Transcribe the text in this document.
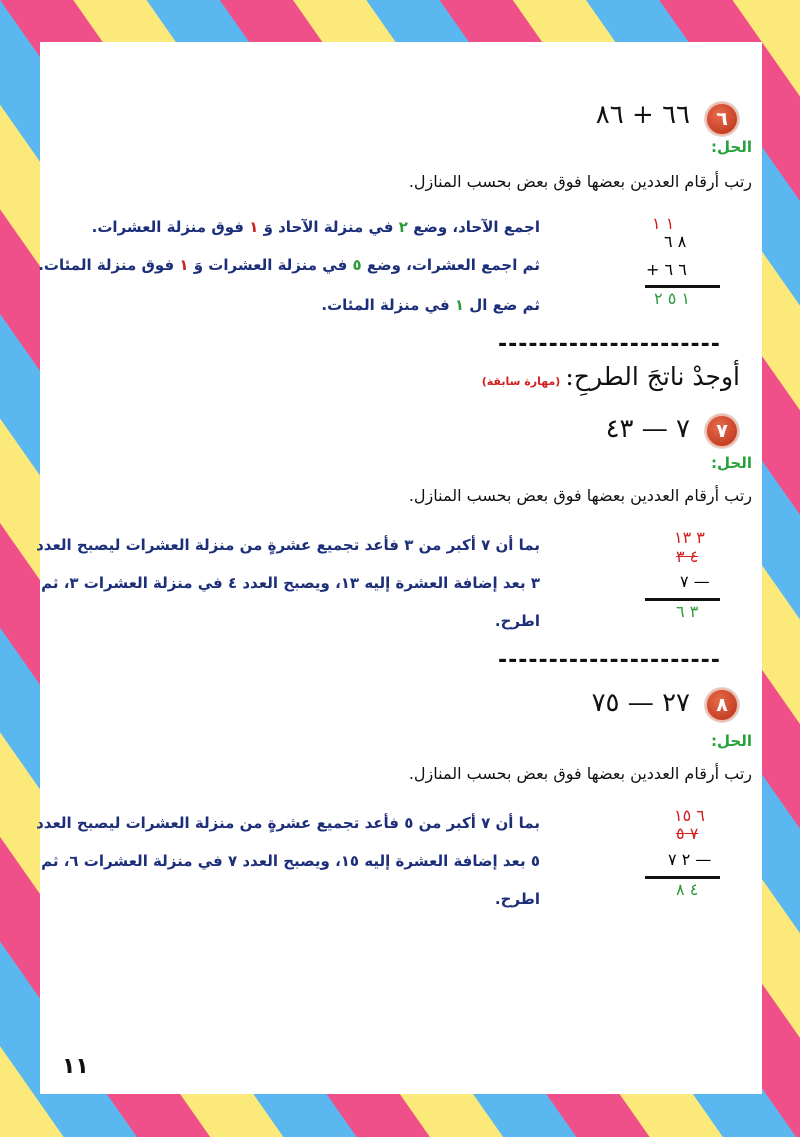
٦
٦٦ + ٨٦
الحل:
رتب أرقام العددين بعضها فوق بعض بحسب المنازل.
اجمع الآحاد، وضع ٢ في منزلة الآحاد وَ ١ فوق منزلة العشرات.
ثم اجمع العشرات، وضع ٥ في منزلة العشرات وَ ١ فوق منزلة المئات.
ثم ضع ال ١ في منزلة المئات.
١ ١
٨ ٦
+ ٦ ٦
١ ٥ ٢
----------------------
أوجدْ ناتجَ الطرحِ: (مهارة سابقة)
٧
٧ — ٤٣
الحل:
رتب أرقام العددين بعضها فوق بعض بحسب المنازل.
بما أن ٧ أكبر من ٣ فأعد تجميع عشرةٍ من منزلة العشرات ليصبح العدد
٣ بعد إضافة العشرة إليه ١٣، ويصبح العدد ٤ في منزلة العشرات ٣، ثم
اطرح.
٣ ١٣
٤ ٣
٧ —
٣ ٦
----------------------
٨
٢٧ — ٧٥
الحل:
رتب أرقام العددين بعضها فوق بعض بحسب المنازل.
بما أن ٧ أكبر من ٥ فأعد تجميع عشرةٍ من منزلة العشرات ليصبح العدد
٥ بعد إضافة العشرة إليه ١٥، ويصبح العدد ٧ في منزلة العشرات ٦، ثم
اطرح.
٦ ١٥
٧ ٥
٢ ٧ —
٤ ٨
١١
